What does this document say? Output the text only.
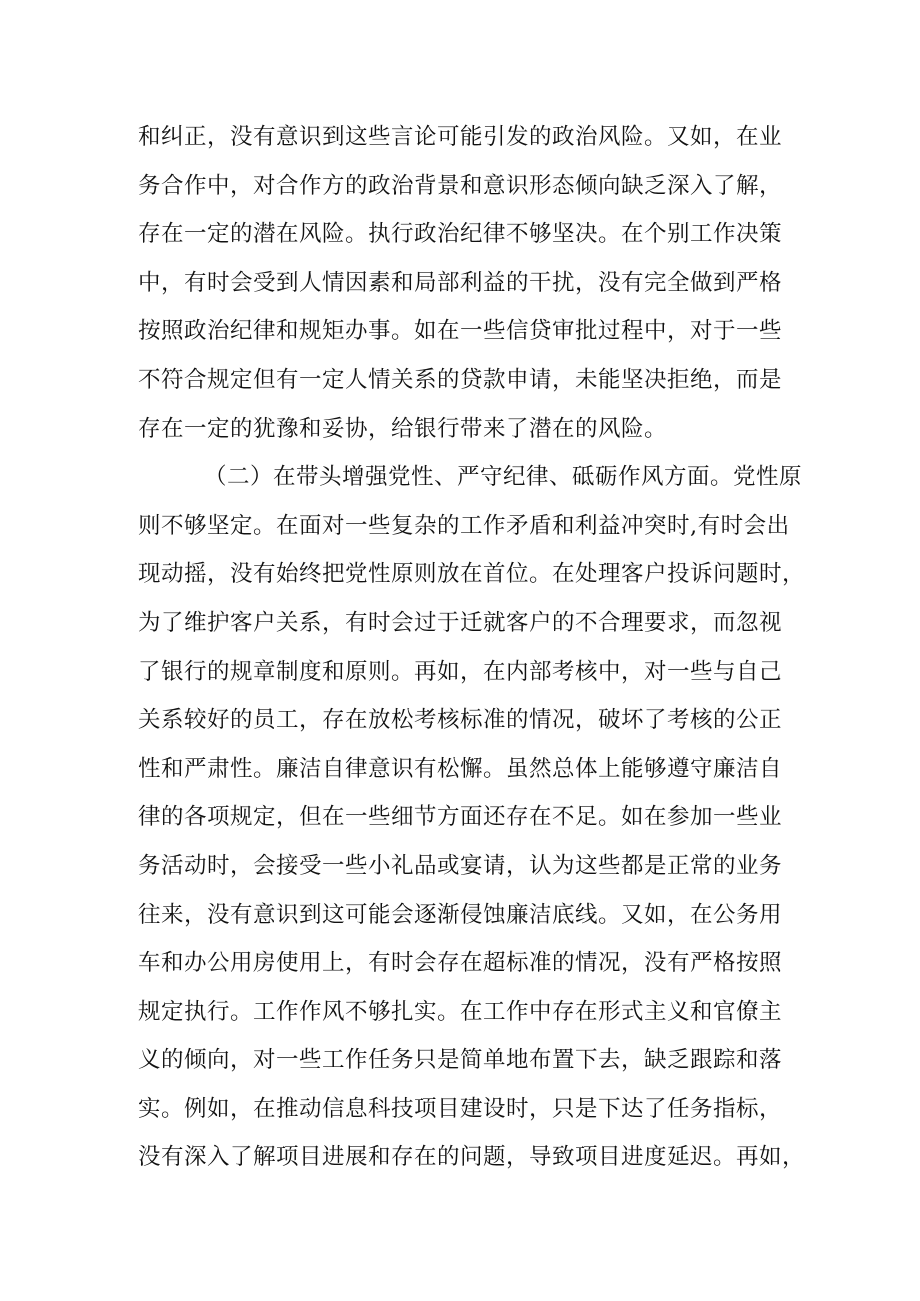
和纠正，没有意识到这些言论可能引发的政治风险。又如，在业
务合作中，对合作方的政治背景和意识形态倾向缺乏深入了解，
存在一定的潜在风险。执行政治纪律不够坚决。在个别工作决策
中，有时会受到人情因素和局部利益的干扰，没有完全做到严格
按照政治纪律和规矩办事。如在一些信贷审批过程中，对于一些
不符合规定但有一定人情关系的贷款申请，未能坚决拒绝，而是
存在一定的犹豫和妥协，给银行带来了潜在的风险。
（二）在带头增强党性、严守纪律、砥砺作风方面。党性原
则不够坚定。在面对一些复杂的工作矛盾和利益冲突时,有时会出
现动摇，没有始终把党性原则放在首位。在处理客户投诉问题时，
为了维护客户关系，有时会过于迁就客户的不合理要求，而忽视
了银行的规章制度和原则。再如，在内部考核中，对一些与自己
关系较好的员工，存在放松考核标准的情况，破坏了考核的公正
性和严肃性。廉洁自律意识有松懈。虽然总体上能够遵守廉洁自
律的各项规定，但在一些细节方面还存在不足。如在参加一些业
务活动时，会接受一些小礼品或宴请，认为这些都是正常的业务
往来，没有意识到这可能会逐渐侵蚀廉洁底线。又如，在公务用
车和办公用房使用上，有时会存在超标准的情况，没有严格按照
规定执行。工作作风不够扎实。在工作中存在形式主义和官僚主
义的倾向，对一些工作任务只是简单地布置下去，缺乏跟踪和落
实。例如，在推动信息科技项目建设时，只是下达了任务指标，
没有深入了解项目进展和存在的问题，导致项目进度延迟。再如，
